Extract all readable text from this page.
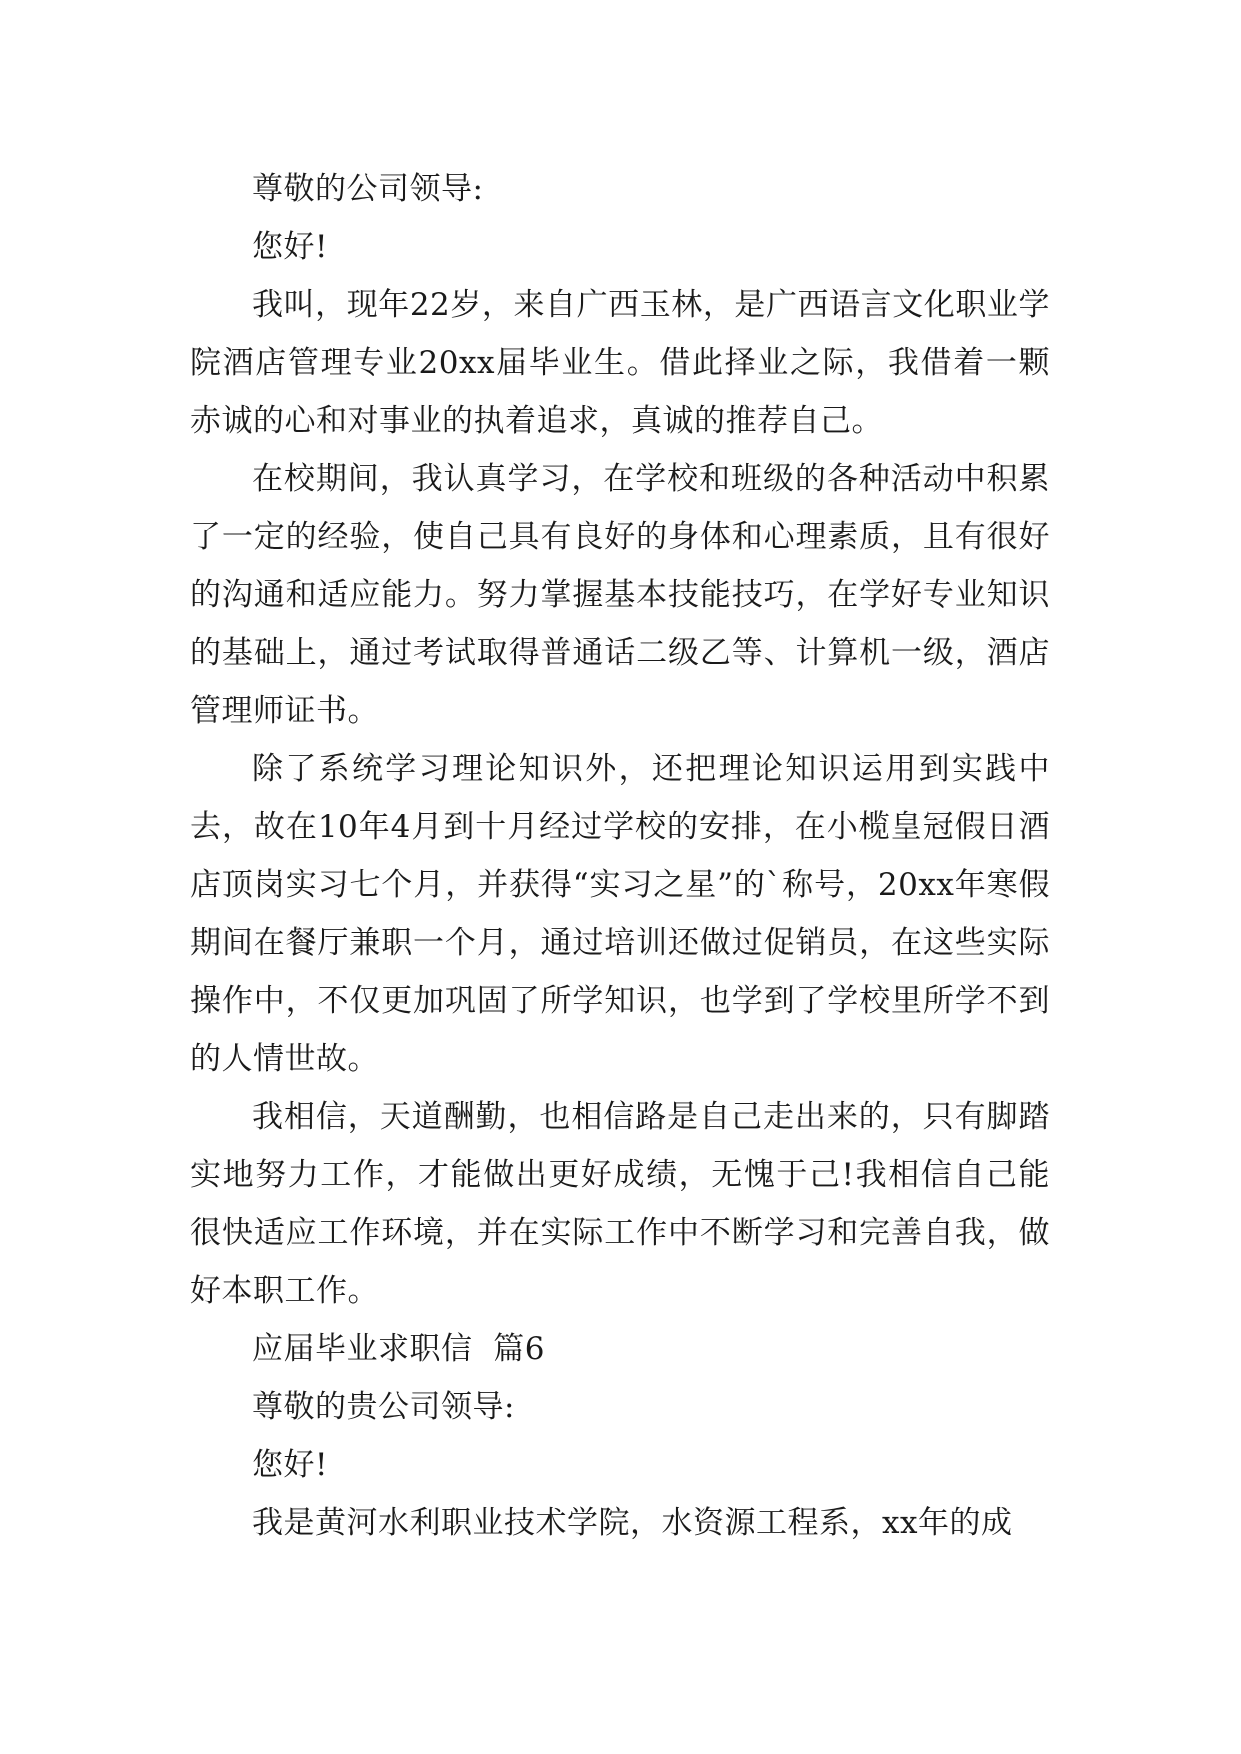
尊敬的公司领导:

您好!

我叫，现年22岁，来自广西玉林，是广西语言文化职业学院酒店管理专业20xx届毕业生。借此择业之际，我借着一颗赤诚的心和对事业的执着追求，真诚的推荐自己。

在校期间，我认真学习，在学校和班级的各种活动中积累了一定的经验，使自己具有良好的身体和心理素质，且有很好的沟通和适应能力。努力掌握基本技能技巧，在学好专业知识的基础上，通过考试取得普通话二级乙等、计算机一级，酒店管理师证书。

除了系统学习理论知识外，还把理论知识运用到实践中去，故在10年4月到十月经过学校的安排，在小榄皇冠假日酒店顶岗实习七个月，并获得“实习之星”的`称号，20xx年寒假期间在餐厅兼职一个月，通过培训还做过促销员，在这些实际操作中，不仅更加巩固了所学知识，也学到了学校里所学不到的人情世故。

我相信，天道酬勤，也相信路是自己走出来的，只有脚踏实地努力工作，才能做出更好成绩，无愧于己!我相信自己能很快适应工作环境，并在实际工作中不断学习和完善自我，做好本职工作。

应届毕业求职信  篇6

尊敬的贵公司领导:

您好!

我是黄河水利职业技术学院，水资源工程系，xx年的成
